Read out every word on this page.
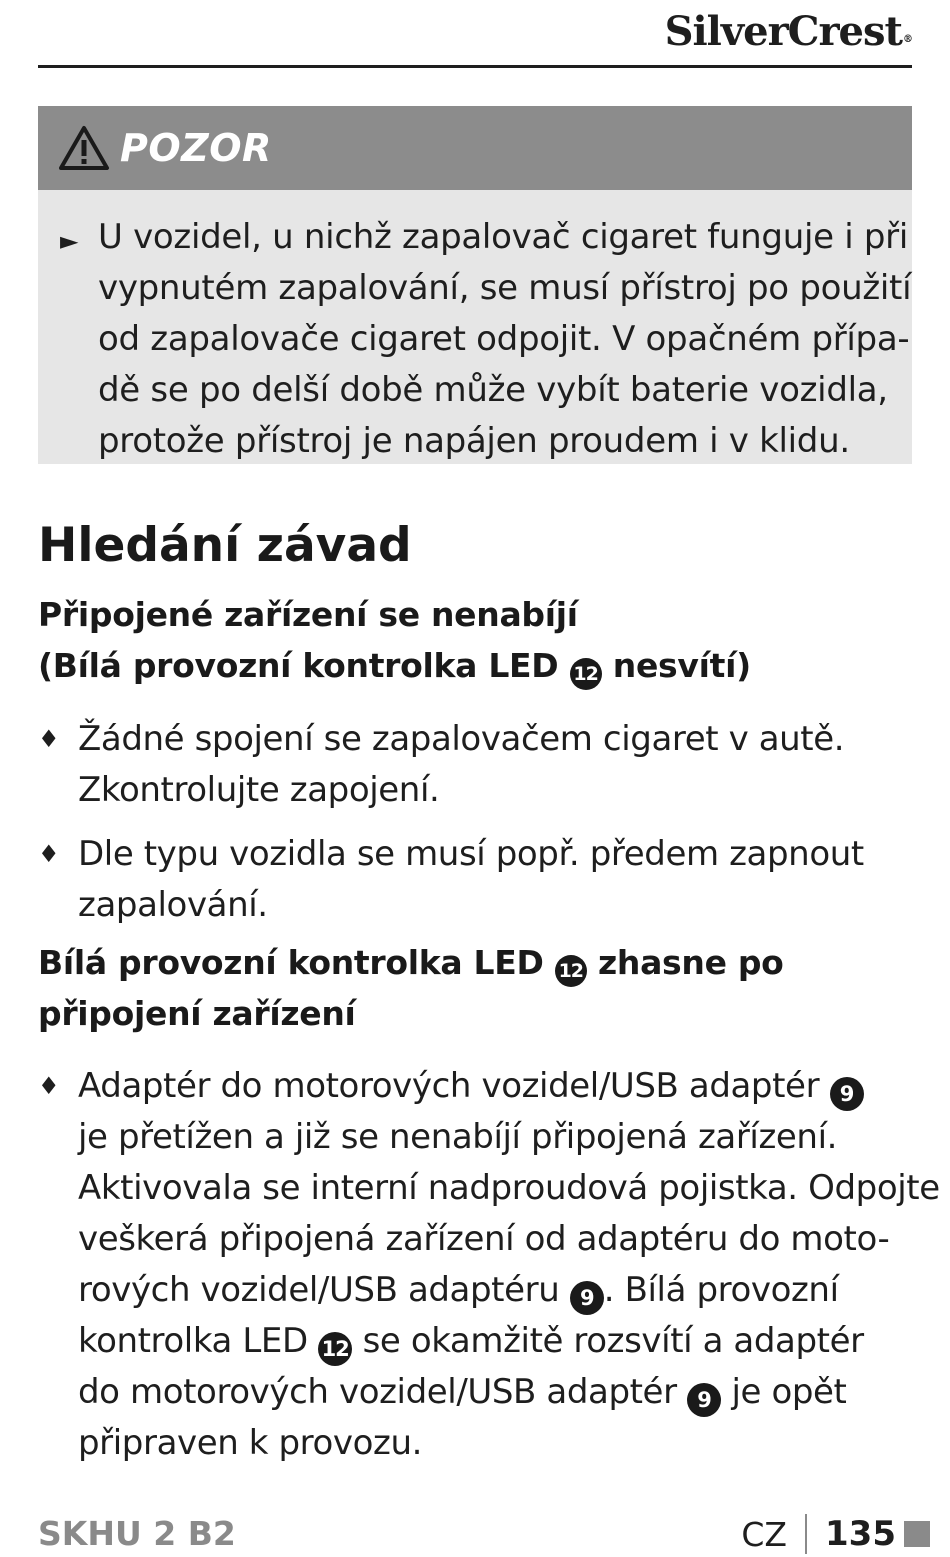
SilverCrest®
POZOR
► U vozidel, u nichž zapalovač cigaret funguje i při
vypnutém zapalování, se musí přístroj po použití
od zapalovače cigaret odpojit. V opačném přípa-
dě se po delší době může vybít baterie vozidla,
protože přístroj je napájen proudem i v klidu.
Hledání závad
Připojené zařízení se nenabíjí
(Bílá provozní kontrolka LED 12 nesvítí)
♦ Žádné spojení se zapalovačem cigaret v autě.
Zkontrolujte zapojení.
♦ Dle typu vozidla se musí popř. předem zapnout
zapalování.
Bílá provozní kontrolka LED 12 zhasne po
připojení zařízení
♦ Adaptér do motorových vozidel/USB adaptér 9
je přetížen a již se nenabíjí připojená zařízení.
Aktivovala se interní nadproudová pojistka. Odpojte
veškerá připojená zařízení od adaptéru do moto-
rových vozidel/USB adaptéru 9 . Bílá provozní
kontrolka LED 12 se okamžitě rozsvítí a adaptér
do motorových vozidel/USB adaptér 9 je opět
připraven k provozu.
SKHU 2 B2	CZ 135
